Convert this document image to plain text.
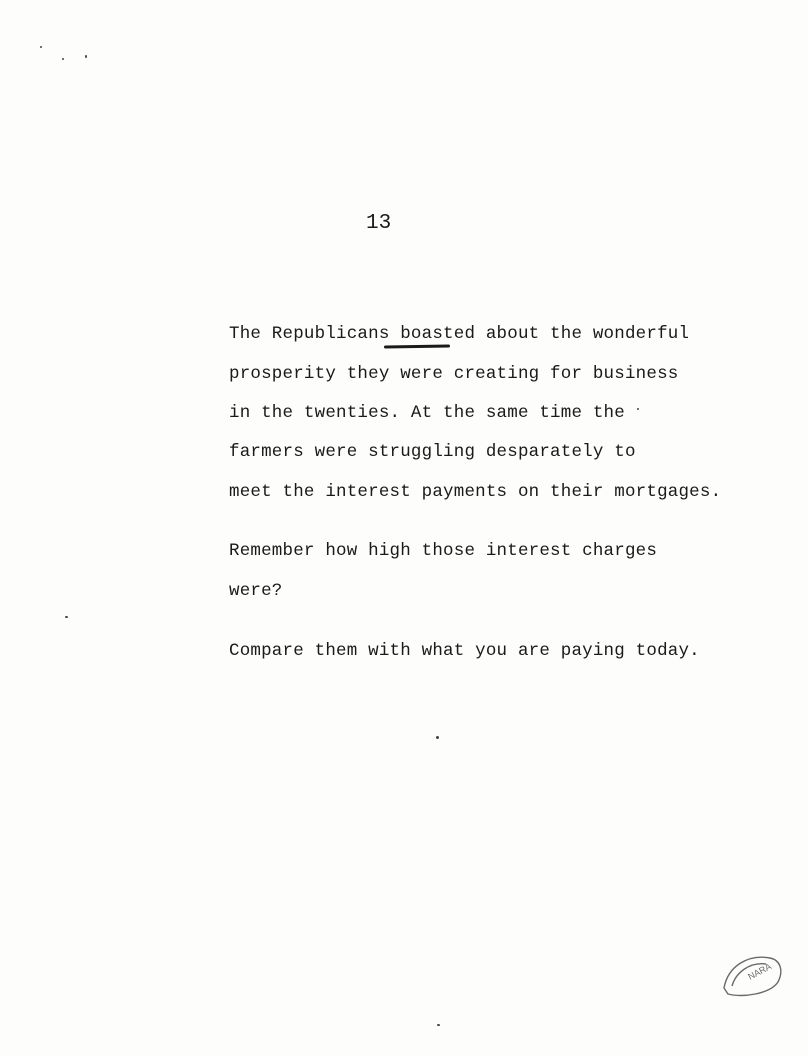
13
The Republicans boasted about the wonderful
prosperity they were creating for business
in the twenties. At the same time the
farmers were struggling desparately to
meet the interest payments on their mortgages.
Remember how high those interest charges
were?
Compare them with what you are paying today.
NARA
